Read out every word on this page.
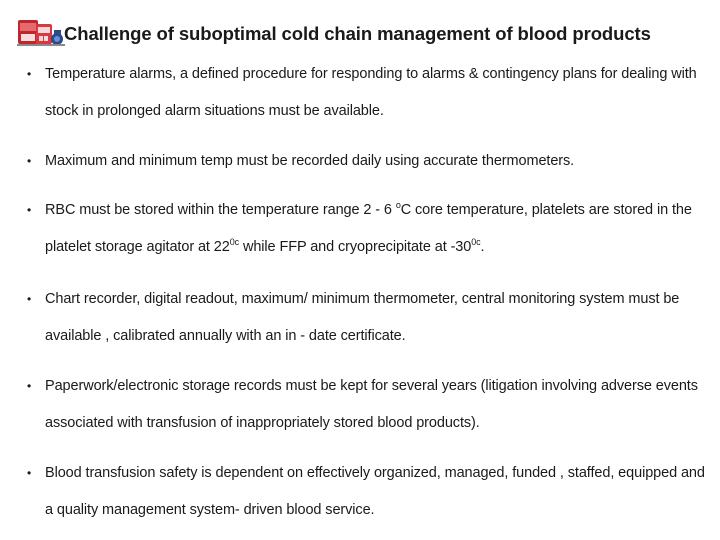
Challenge of suboptimal cold chain management of blood products
• Temperature alarms, a defined procedure for responding to alarms & contingency plans for dealing with stock in prolonged alarm situations must be available.
• Maximum and minimum temp must be recorded daily using accurate thermometers.
• RBC must be stored within the temperature range 2 - 6 $^o$C core temperature, platelets are stored in the platelet storage agitator at $22^{0c}$ while FFP and cryoprecipitate at $-30^{0c}$.
• Chart recorder, digital readout, maximum/ minimum thermometer, central monitoring system must be available , calibrated annually with an in - date certificate.
• Paperwork/electronic storage records must be kept for several years (litigation involving adverse events associated with transfusion of inappropriately stored blood products).
• Blood transfusion safety is dependent on effectively organized, managed, funded , staffed, equipped and a quality management system- driven blood service.
